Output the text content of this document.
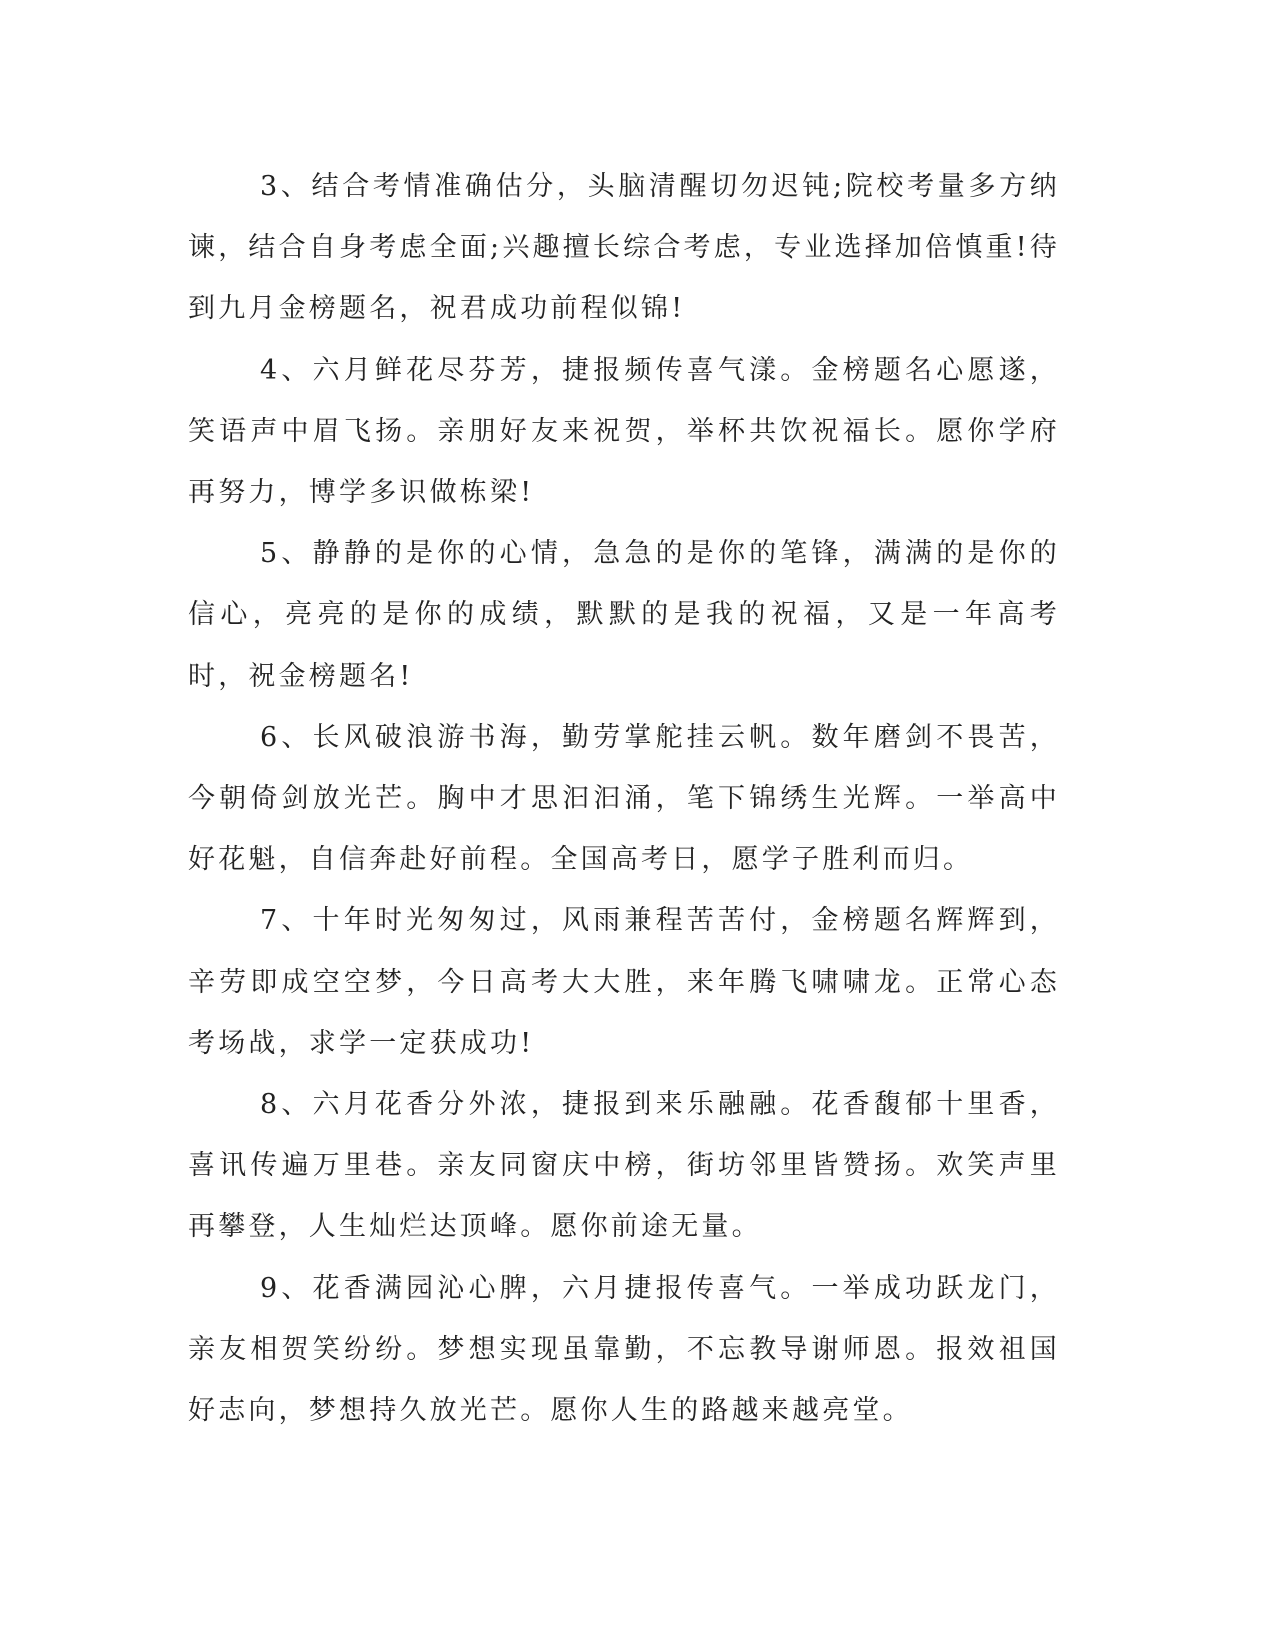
3、结合考情准确估分，头脑清醒切勿迟钝;院校考量多方纳谏，结合自身考虑全面;兴趣擅长综合考虑，专业选择加倍慎重!待到九月金榜题名，祝君成功前程似锦!

4、六月鲜花尽芬芳，捷报频传喜气漾。金榜题名心愿遂，笑语声中眉飞扬。亲朋好友来祝贺，举杯共饮祝福长。愿你学府再努力，博学多识做栋梁!

5、静静的是你的心情，急急的是你的笔锋，满满的是你的信心，亮亮的是你的成绩，默默的是我的祝福，又是一年高考时，祝金榜题名!

6、长风破浪游书海，勤劳掌舵挂云帆。数年磨剑不畏苦，今朝倚剑放光芒。胸中才思汩汩涌，笔下锦绣生光辉。一举高中好花魁，自信奔赴好前程。全国高考日，愿学子胜利而归。

7、十年时光匆匆过，风雨兼程苦苦付，金榜题名辉辉到，辛劳即成空空梦，今日高考大大胜，来年腾飞啸啸龙。正常心态考场战，求学一定获成功!

8、六月花香分外浓，捷报到来乐融融。花香馥郁十里香，喜讯传遍万里巷。亲友同窗庆中榜，街坊邻里皆赞扬。欢笑声里再攀登，人生灿烂达顶峰。愿你前途无量。

9、花香满园沁心脾，六月捷报传喜气。一举成功跃龙门，亲友相贺笑纷纷。梦想实现虽靠勤，不忘教导谢师恩。报效祖国好志向，梦想持久放光芒。愿你人生的路越来越亮堂。
